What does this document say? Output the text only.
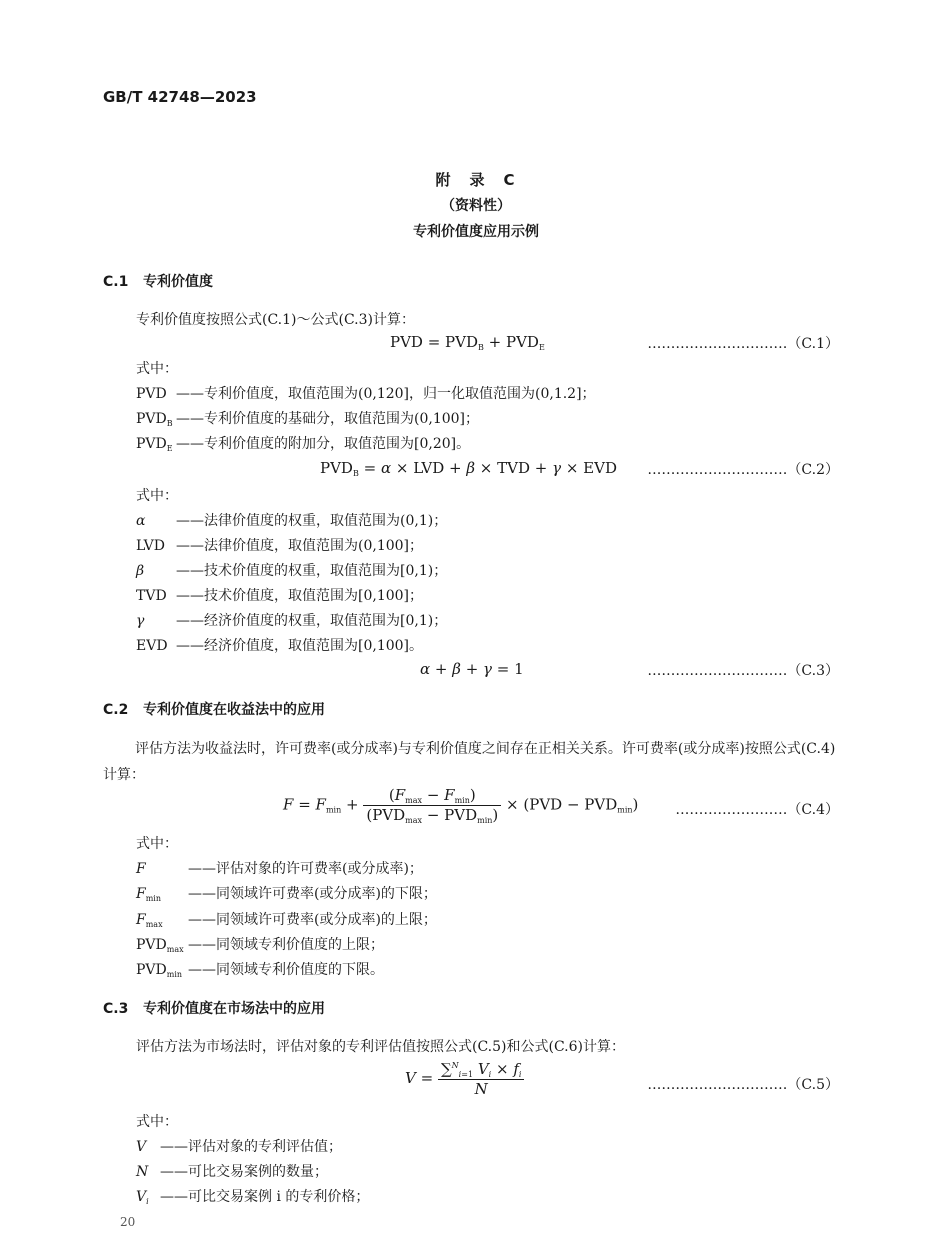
GB/T 42748—2023
附　录　C
（资料性）
专利价值度应用示例
C.1 专利价值度
专利价值度按照公式(C.1)～公式(C.3)计算：
PVD = $PVD_B + PVD_E$	…………………………（C.1）
式中：
PVD ——专利价值度，取值范围为(0,120]，归一化取值范围为(0,1.2]；
$PVD_B$ ——专利价值度的基础分，取值范围为(0,100]；
$PVD_E$ ——专利价值度的附加分，取值范围为[0,20]。
$PVD_B = \alpha$ × LVD + β × TVD + γ × EVD …………………………（C.2）
式中：
α ——法律价值度的权重，取值范围为(0,1)；
LVD ——法律价值度，取值范围为(0,100]；
β ——技术价值度的权重，取值范围为[0,1)；
TVD ——技术价值度，取值范围为[0,100]；
γ ——经济价值度的权重，取值范围为[0,1)；
EVD ——经济价值度，取值范围为[0,100]。
α + β + γ = 1	…………………………（C.3）
C.2 专利价值度在收益法中的应用
评估方法为收益法时，许可费率(或分成率)与专利价值度之间存在正相关关系。许可费率(或分成率)按照公式(C.4)计算：
$F = F_{min} + \frac{(F_{max} - F_{min})}{(PVD_{max} - PVD_{min})} \times (PVD - PVD_{min})$	……………………（C.4）
式中：
F	——评估对象的许可费率(或分成率)；
$F_{min}$ ——同领域许可费率(或分成率)的下限；
$F_{max}$ ——同领域许可费率(或分成率)的上限；
$PVD_{max}$ ——同领域专利价值度的上限；
$PVD_{min}$ ——同领域专利价值度的下限。
C.3 专利价值度在市场法中的应用
评估方法为市场法时，评估对象的专利评估值按照公式(C.5)和公式(C.6)计算：
$V = \frac{\sum^N_{i=1} V_i \times f_i}{N}$	…………………………（C.5）
式中：
V ——评估对象的专利评估值；
N ——可比交易案例的数量；
$V_i$ ——可比交易案例 i 的专利价格；
20
